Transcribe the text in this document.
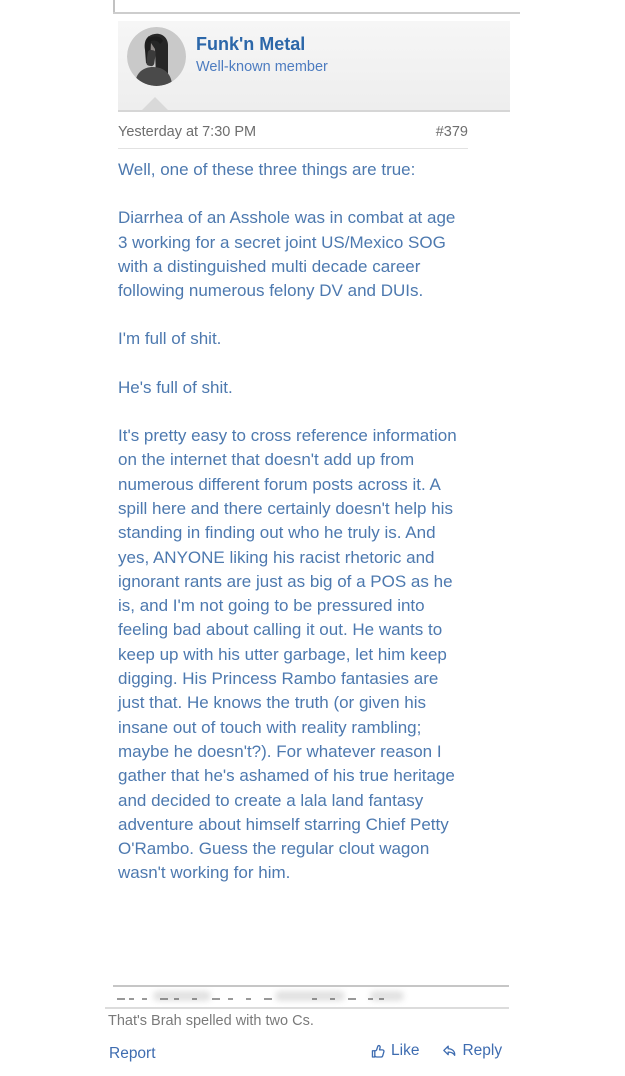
Funk'n Metal
Well-known member
Yesterday at 7:30 PM	#379

Well, one of these three things are true:

Diarrhea of an Asshole was in combat at age 3 working for a secret joint US/Mexico SOG with a distinguished multi decade career following numerous felony DV and DUIs.

I'm full of shit.

He's full of shit.

It's pretty easy to cross reference information on the internet that doesn't add up from numerous different forum posts across it. A spill here and there certainly doesn't help his standing in finding out who he truly is. And yes, ANYONE liking his racist rhetoric and ignorant rants are just as big of a POS as he is, and I'm not going to be pressured into feeling bad about calling it out. He wants to keep up with his utter garbage, let him keep digging. His Princess Rambo fantasies are just that. He knows the truth (or given his insane out of touch with reality rambling; maybe he doesn't?). For whatever reason I gather that he's ashamed of his true heritage and decided to create a lala land fantasy adventure about himself starring Chief Petty O'Rambo. Guess the regular clout wagon wasn't working for him.

That's Brah spelled with two Cs.
Report	Like	Reply
